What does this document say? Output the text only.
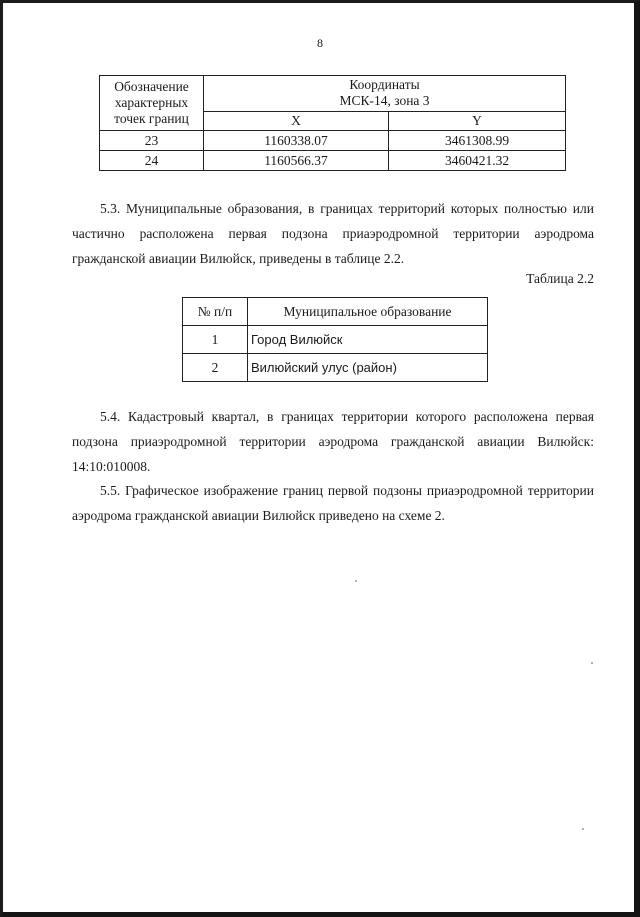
8
Обозначение
характерных
точек границ	Координаты
МСК-14, зона 3	
	X	Y
23	1160338.07	3461308.99
24	1160566.37	3460421.32

5.3. Муниципальные образования, в границах территорий которых полностью или частично расположена первая подзона приаэродромной территории аэродрома гражданской авиации Вилюйск, приведены в таблице 2.2.

Таблица 2.2
№ п/п	Муниципальное образование
1	Город Вилюйск
2	Вилюйский улус (район)

5.4. Кадастровый квартал, в границах территории которого расположена первая подзона приаэродромной территории аэродрома гражданской авиации Вилюйск: 14:10:010008.

5.5. Графическое изображение границ первой подзоны приаэродромной территории аэродрома гражданской авиации Вилюйск приведено на схеме 2.
